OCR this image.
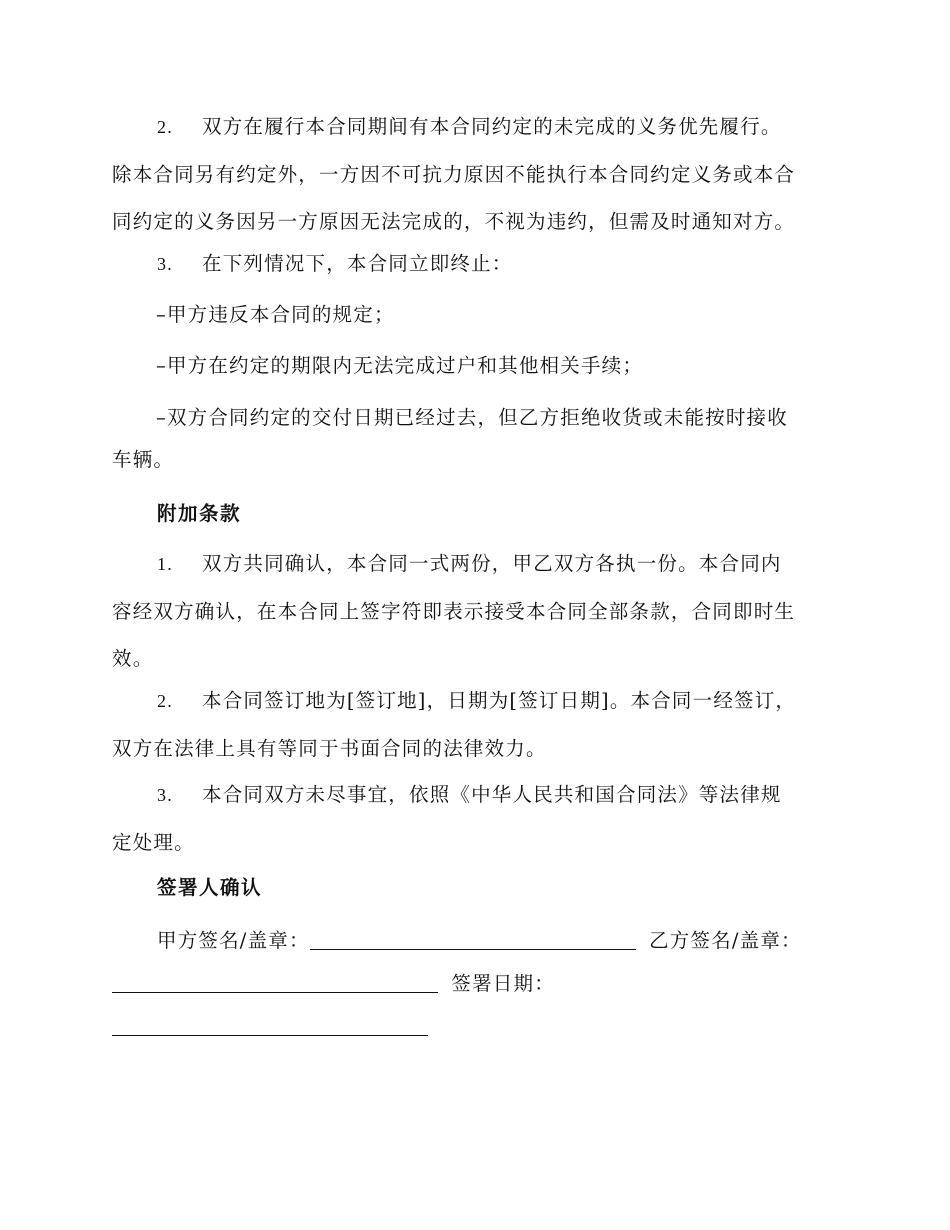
2. 双方在履行本合同期间有本合同约定的未完成的义务优先履行。
除本合同另有约定外，一方因不可抗力原因不能执行本合同约定义务或本合
同约定的义务因另一方原因无法完成的，不视为违约，但需及时通知对方。
3. 在下列情况下，本合同立即终止：
–甲方违反本合同的规定；
–甲方在约定的期限内无法完成过户和其他相关手续；
–双方合同约定的交付日期已经过去，但乙方拒绝收货或未能按时接收
车辆。
附加条款
1. 双方共同确认，本合同一式两份，甲乙双方各执一份。本合同内
容经双方确认，在本合同上签字符即表示接受本合同全部条款，合同即时生
效。
2. 本合同签订地为[签订地]，日期为[签订日期]。本合同一经签订，
双方在法律上具有等同于书面合同的法律效力。
3. 本合同双方未尽事宜，依照《中华人民共和国合同法》等法律规
定处理。
签署人确认
甲方签名/盖章：	乙方签名/盖章：
签署日期：
